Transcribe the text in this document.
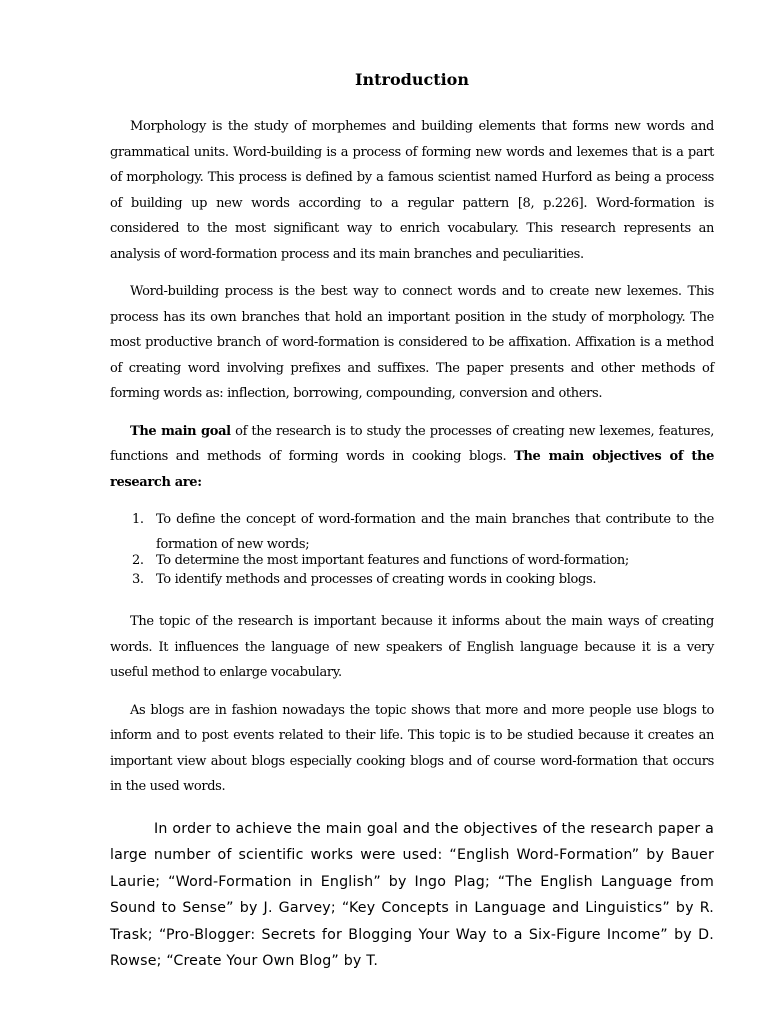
Introduction

Morphology is the study of morphemes and building elements that forms new words and grammatical units. Word-building is a process of forming new words and lexemes that is a part of morphology. This process is defined by a famous scientist named Hurford as being a process of building up new words according to a regular pattern [8, p.226]. Word-formation is considered to the most significant way to enrich vocabulary. This research represents an analysis of word-formation process and its main branches and peculiarities.

Word-building process is the best way to connect words and to create new lexemes. This process has its own branches that hold an important position in the study of morphology. The most productive branch of word-formation is considered to be affixation. Affixation is a method of creating word involving prefixes and suffixes. The paper presents and other methods of forming words as: inflection, borrowing, compounding, conversion and others.

The main goal of the research is to study the processes of creating new lexemes, features, functions and methods of forming words in cooking blogs. The main objectives of the research are:

1. To define the concept of word-formation and the main branches that contribute to the formation of new words;
2. To determine the most important features and functions of word-formation;
3. To identify methods and processes of creating words in cooking blogs.

The topic of the research is important because it informs about the main ways of creating words. It influences the language of new speakers of English language because it is a very useful method to enlarge vocabulary.

As blogs are in fashion nowadays the topic shows that more and more people use blogs to inform and to post events related to their life. This topic is to be studied because it creates an important view about blogs especially cooking blogs and of course word-formation that occurs in the used words.

In order to achieve the main goal and the objectives of the research paper a large number of scientific works were used: “English Word-Formation” by Bauer Laurie; “Word-Formation in English” by Ingo Plag; “The English Language from Sound to Sense” by J. Garvey; “Key Concepts in Language and Linguistics” by R. Trask; “Pro-Blogger: Secrets for Blogging Your Way to a Six-Figure Income” by D. Rowse; “Create Your Own Blog” by T.
